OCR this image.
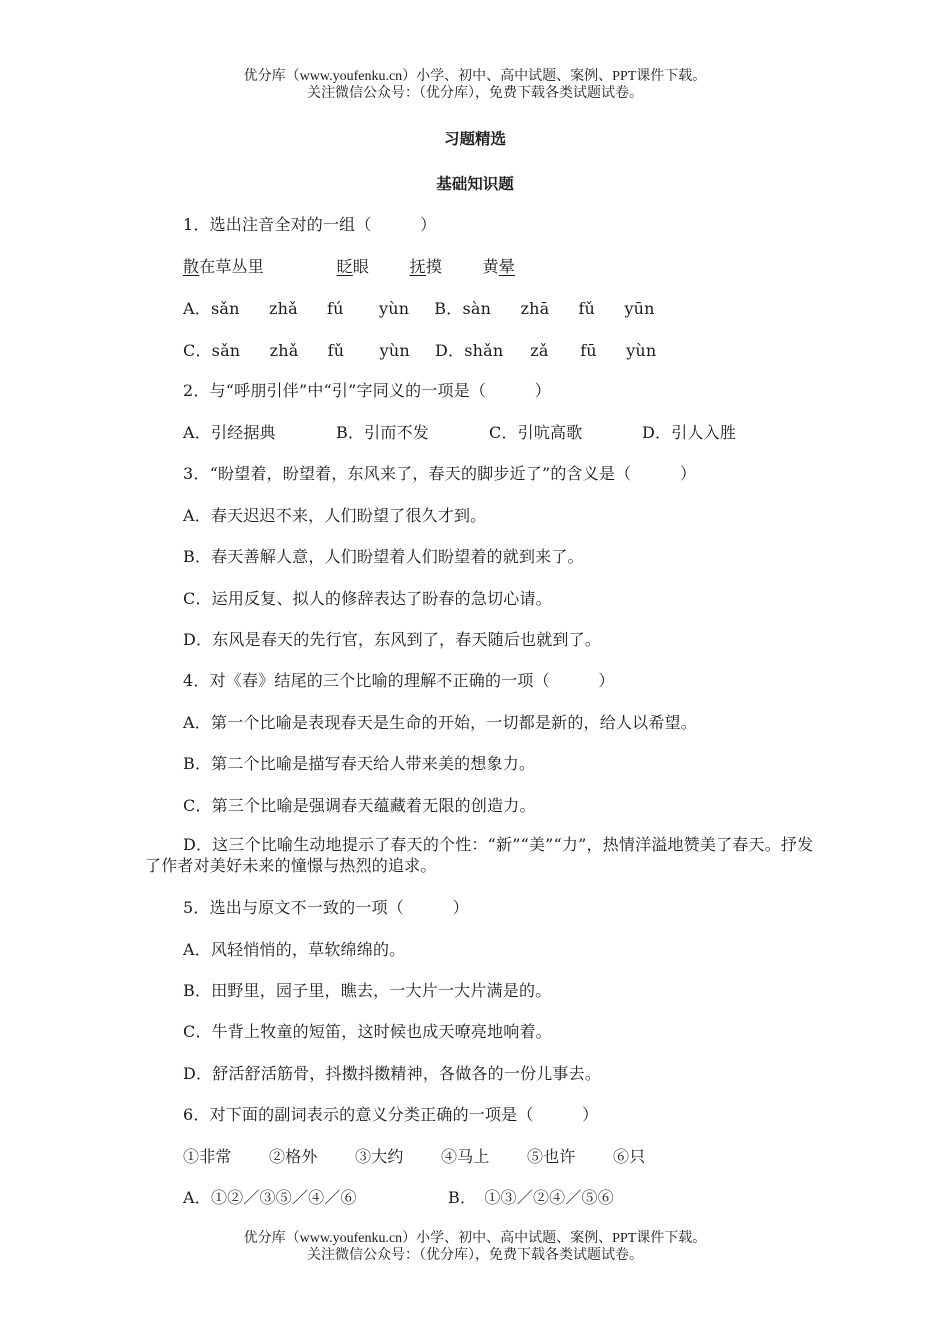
优分库（www.youfenku.cn）小学、初中、高中试题、案例、PPT课件下载。
关注微信公众号：（优分库），免费下载各类试题试卷。
习题精选
基础知识题
1．选出注音全对的一组（　　　）
散在草丛里	眨眼	抚摸	黄晕
A．sǎn zhǎ fú yùn B．sàn zhā fǔ yūn
C．sǎn zhǎ fǔ yùn D．shǎn zǎ fū yùn
2．与“呼朋引伴”中“引”字同义的一项是（　　　）
A．引经据典	B．引而不发	C．引吭高歌	D．引人入胜
3．“盼望着，盼望着，东风来了，春天的脚步近了”的含义是（　　　）
A．春天迟迟不来，人们盼望了很久才到。
B．春天善解人意，人们盼望着人们盼望着的就到来了。
C．运用反复、拟人的修辞表达了盼春的急切心请。
D．东风是春天的先行官，东风到了，春天随后也就到了。
4．对《春》结尾的三个比喻的理解不正确的一项（　　　）
A．第一个比喻是表现春天是生命的开始，一切都是新的，给人以希望。
B．第二个比喻是描写春天给人带来美的想象力。
C．第三个比喻是强调春天蕴藏着无限的创造力。
D．这三个比喻生动地提示了春天的个性：“新”“美”“力”，热情洋溢地赞美了春天。抒发了作者对美好未来的憧憬与热烈的追求。
5．选出与原文不一致的一项（　　　）
A．风轻悄悄的，草软绵绵的。
B．田野里，园子里，瞧去，一大片一大片满是的。
C．牛背上牧童的短笛，这时候也成天嘹亮地响着。
D．舒活舒活筋骨，抖擞抖擞精神，各做各的一份儿事去。
6．对下面的副词表示的意义分类正确的一项是（　　　）
①非常 ②格外 ③大约 ④马上 ⑤也许 ⑥只
A．①②／③⑤／④／⑥	B．　①③／②④／⑤⑥
优分库（www.youfenku.cn）小学、初中、高中试题、案例、PPT课件下载。
关注微信公众号：（优分库），免费下载各类试题试卷。
